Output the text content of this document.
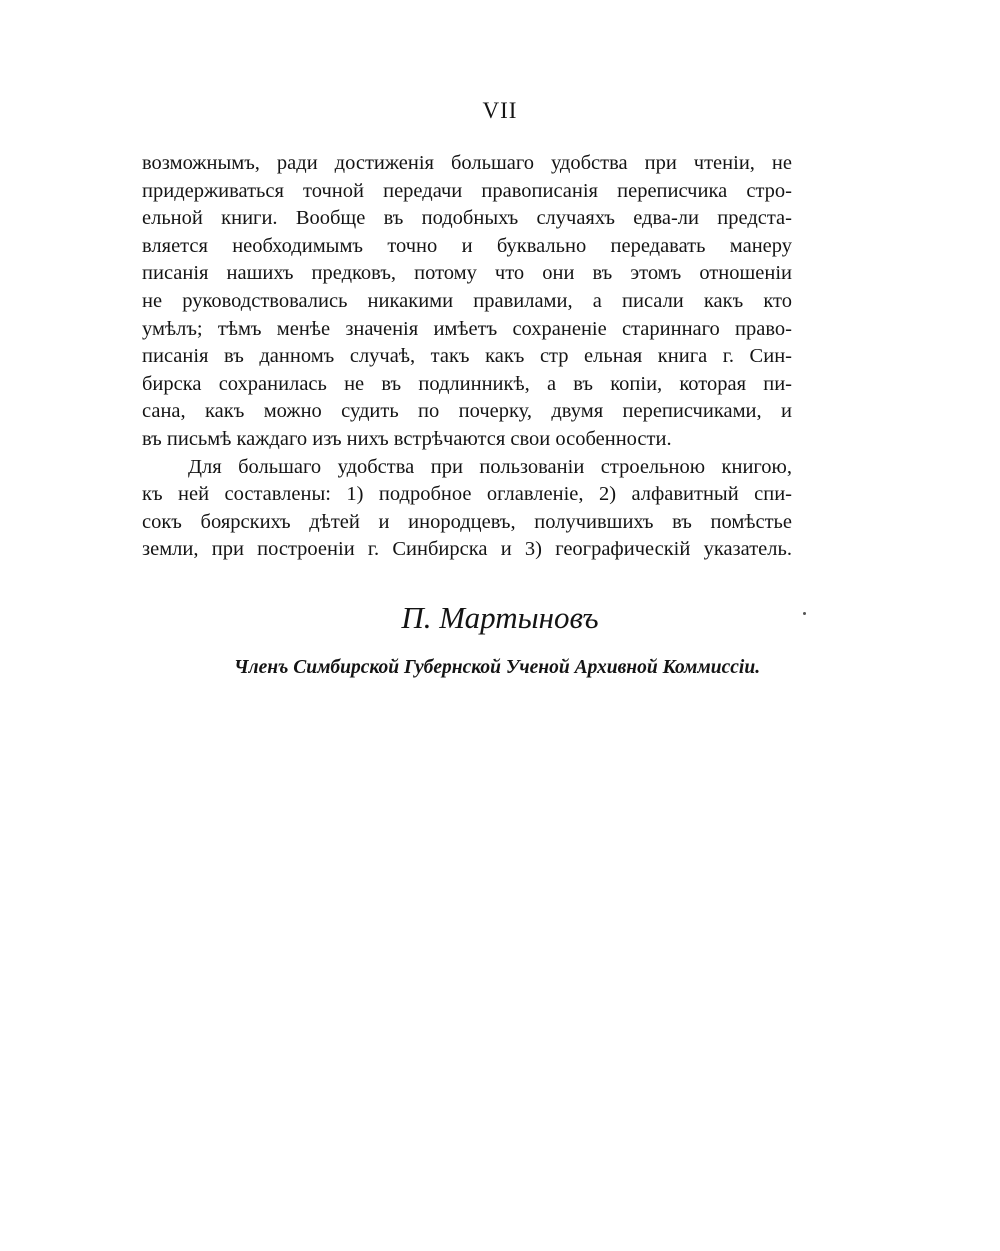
VII
возможнымъ, ради достиженія большаго удобства при чтеніи, не
придерживаться точной передачи правописанія переписчика стро-
ельной книги. Вообще въ подобныхъ случаяхъ едва-ли предста-
вляется необходимымъ точно и буквально передавать манеру
писанія нашихъ предковъ, потому что они въ этомъ отношеніи
не руководствовались никакими правилами, а писали какъ кто
умѣлъ; тѣмъ менѣе значенія имѣетъ сохраненіе стариннаго право-
писанія въ данномъ случаѣ, такъ какъ стр ельная книга г. Син-
бирска сохранилась не въ подлинникѣ, а въ копіи, которая пи-
сана, какъ можно судить по почерку, двумя переписчиками, и
въ письмѣ каждаго изъ нихъ встрѣчаются свои особенности.
Для большаго удобства при пользованіи строельною книгою,
къ ней составлены: 1) подробное оглавленіе, 2) алфавитный спи-
сокъ боярскихъ дѣтей и инородцевъ, получившихъ въ помѣстье
земли, при построеніи г. Синбирска и 3) географическій указатель.
П. Мартыновъ
Членъ Симбирской Губернской Ученой Архивной Коммиссіи.
